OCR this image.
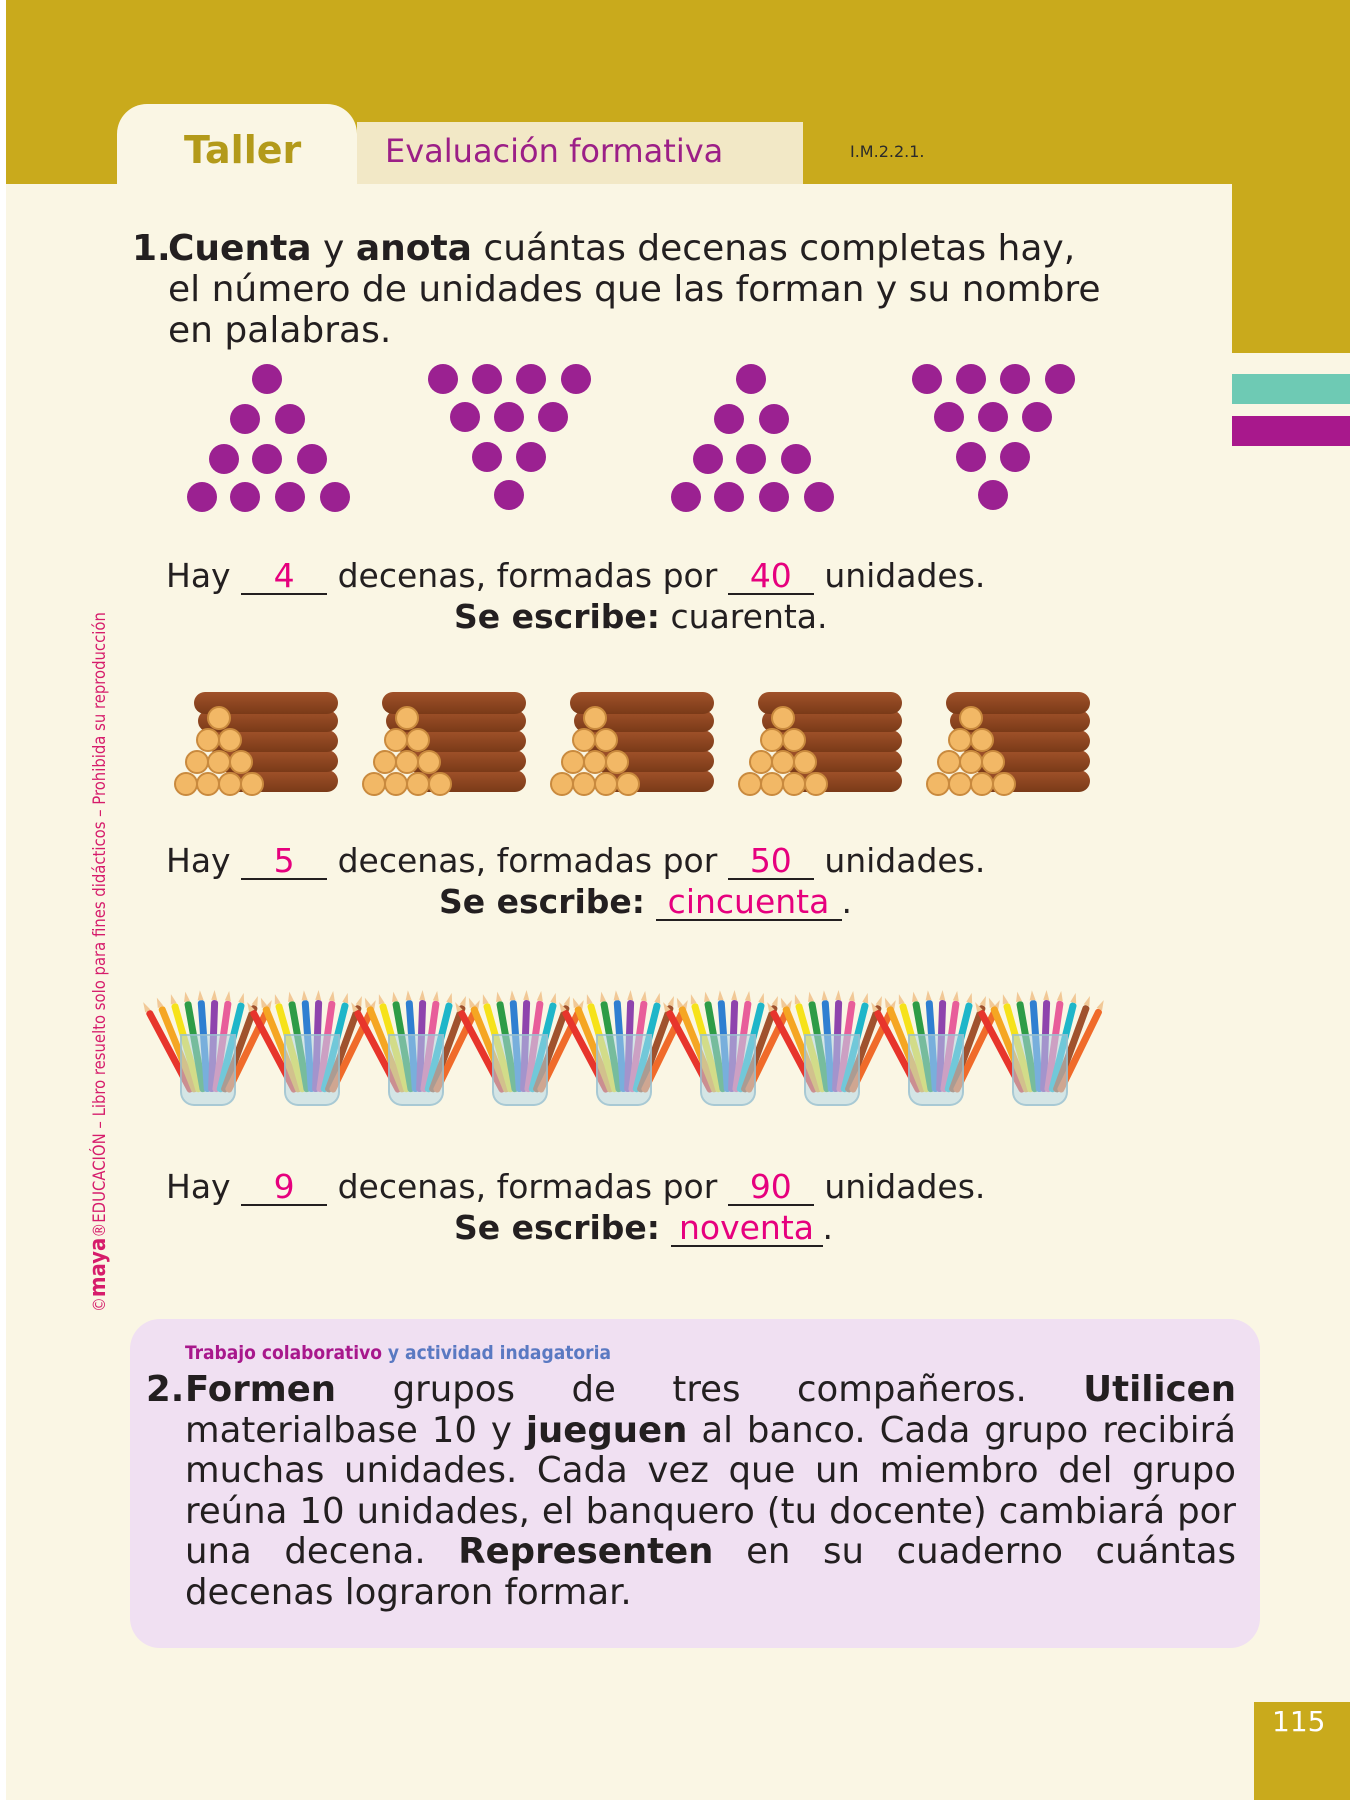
Taller	Evaluación formativa	I.M.2.2.1.
©maya®EDUCACIÓN – Libro resuelto solo para fines didácticos – Prohibida su reproducción
1.
Cuenta y anota cuántas decenas completas hay, el número de unidades que las forman y su nombre en palabras.
Hay 4 decenas, formadas por 40 unidades.
Se escribe: cuarenta.
Hay 5 decenas, formadas por 50 unidades.
Se escribe: cincuenta .
Hay 9 decenas, formadas por 90 unidades.
Se escribe: noventa .
Trabajo colaborativo y actividad indagatoria
2. Formen grupos de tres compañeros. Utilicen materialbase 10 y jueguen al banco. Cada grupo recibirá muchas unidades. Cada vez que un miembro del grupo reúna 10 unidades, el banquero (tu docente) cambiará por una decena. Representen en su cuaderno cuántas decenas lograron formar.
115
